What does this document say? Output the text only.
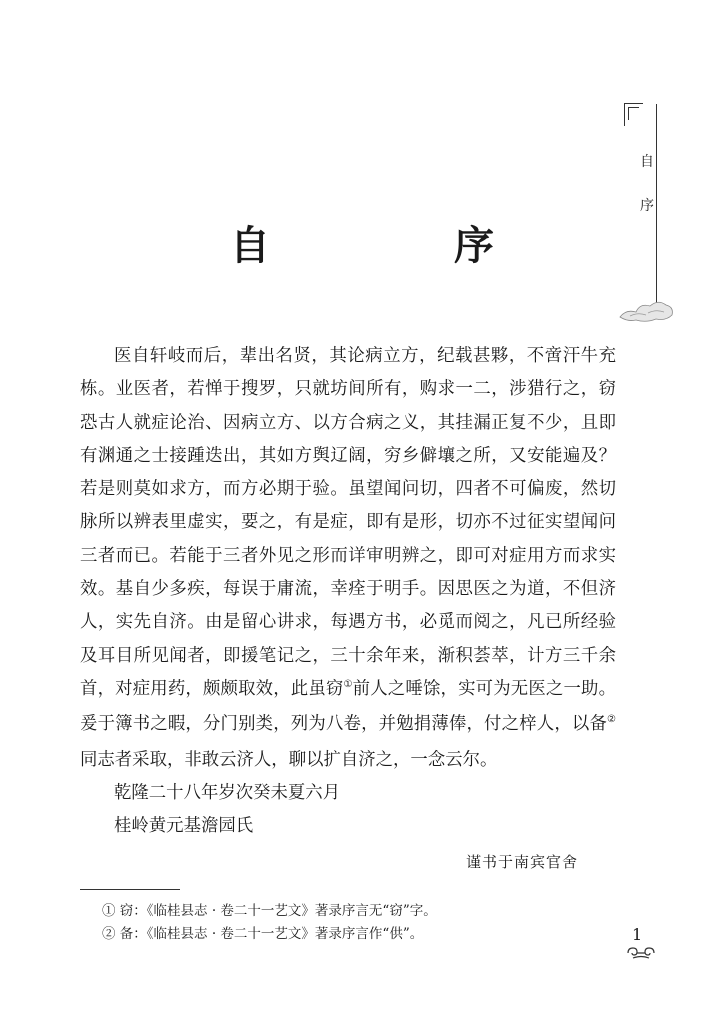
自
序
自　序

医自轩岐而后，辈出名贤，其论病立方，纪载甚夥，不啻汗牛充栋。业医者，若惮于搜罗，只就坊间所有，购求一二，涉猎行之，窃恐古人就症论治、因病立方、以方合病之义，其挂漏正复不少，且即有渊通之士接踵迭出，其如方舆辽阔，穷乡僻壤之所，又安能遍及？若是则莫如求方，而方必期于验。虽望闻问切，四者不可偏废，然切脉所以辨表里虚实，要之，有是症，即有是形，切亦不过征实望闻问三者而已。若能于三者外见之形而详审明辨之，即可对症用方而求实效。基自少多疾，每误于庸流，幸痊于明手。因思医之为道，不但济人，实先自济。由是留心讲求，每遇方书，必觅而阅之，凡已所经验及耳目所见闻者，即援笔记之，三十余年来，渐积荟萃，计方三千余首，对症用药，颇颇取效，此虽窃①前人之唾馀，实可为无医之一助。爰于簿书之暇，分门别类，列为八卷，并勉捐薄俸，付之梓人，以备②同志者采取，非敢云济人，聊以扩自济之，一念云尔。

乾隆二十八年岁次癸未夏六月

桂岭黄元基澹园氏

谨书于南宾官舍
① 窃：《临桂县志 · 卷二十一艺文》著录序言无“窃”字。
② 备：《临桂县志 · 卷二十一艺文》著录序言作“供”。	1
